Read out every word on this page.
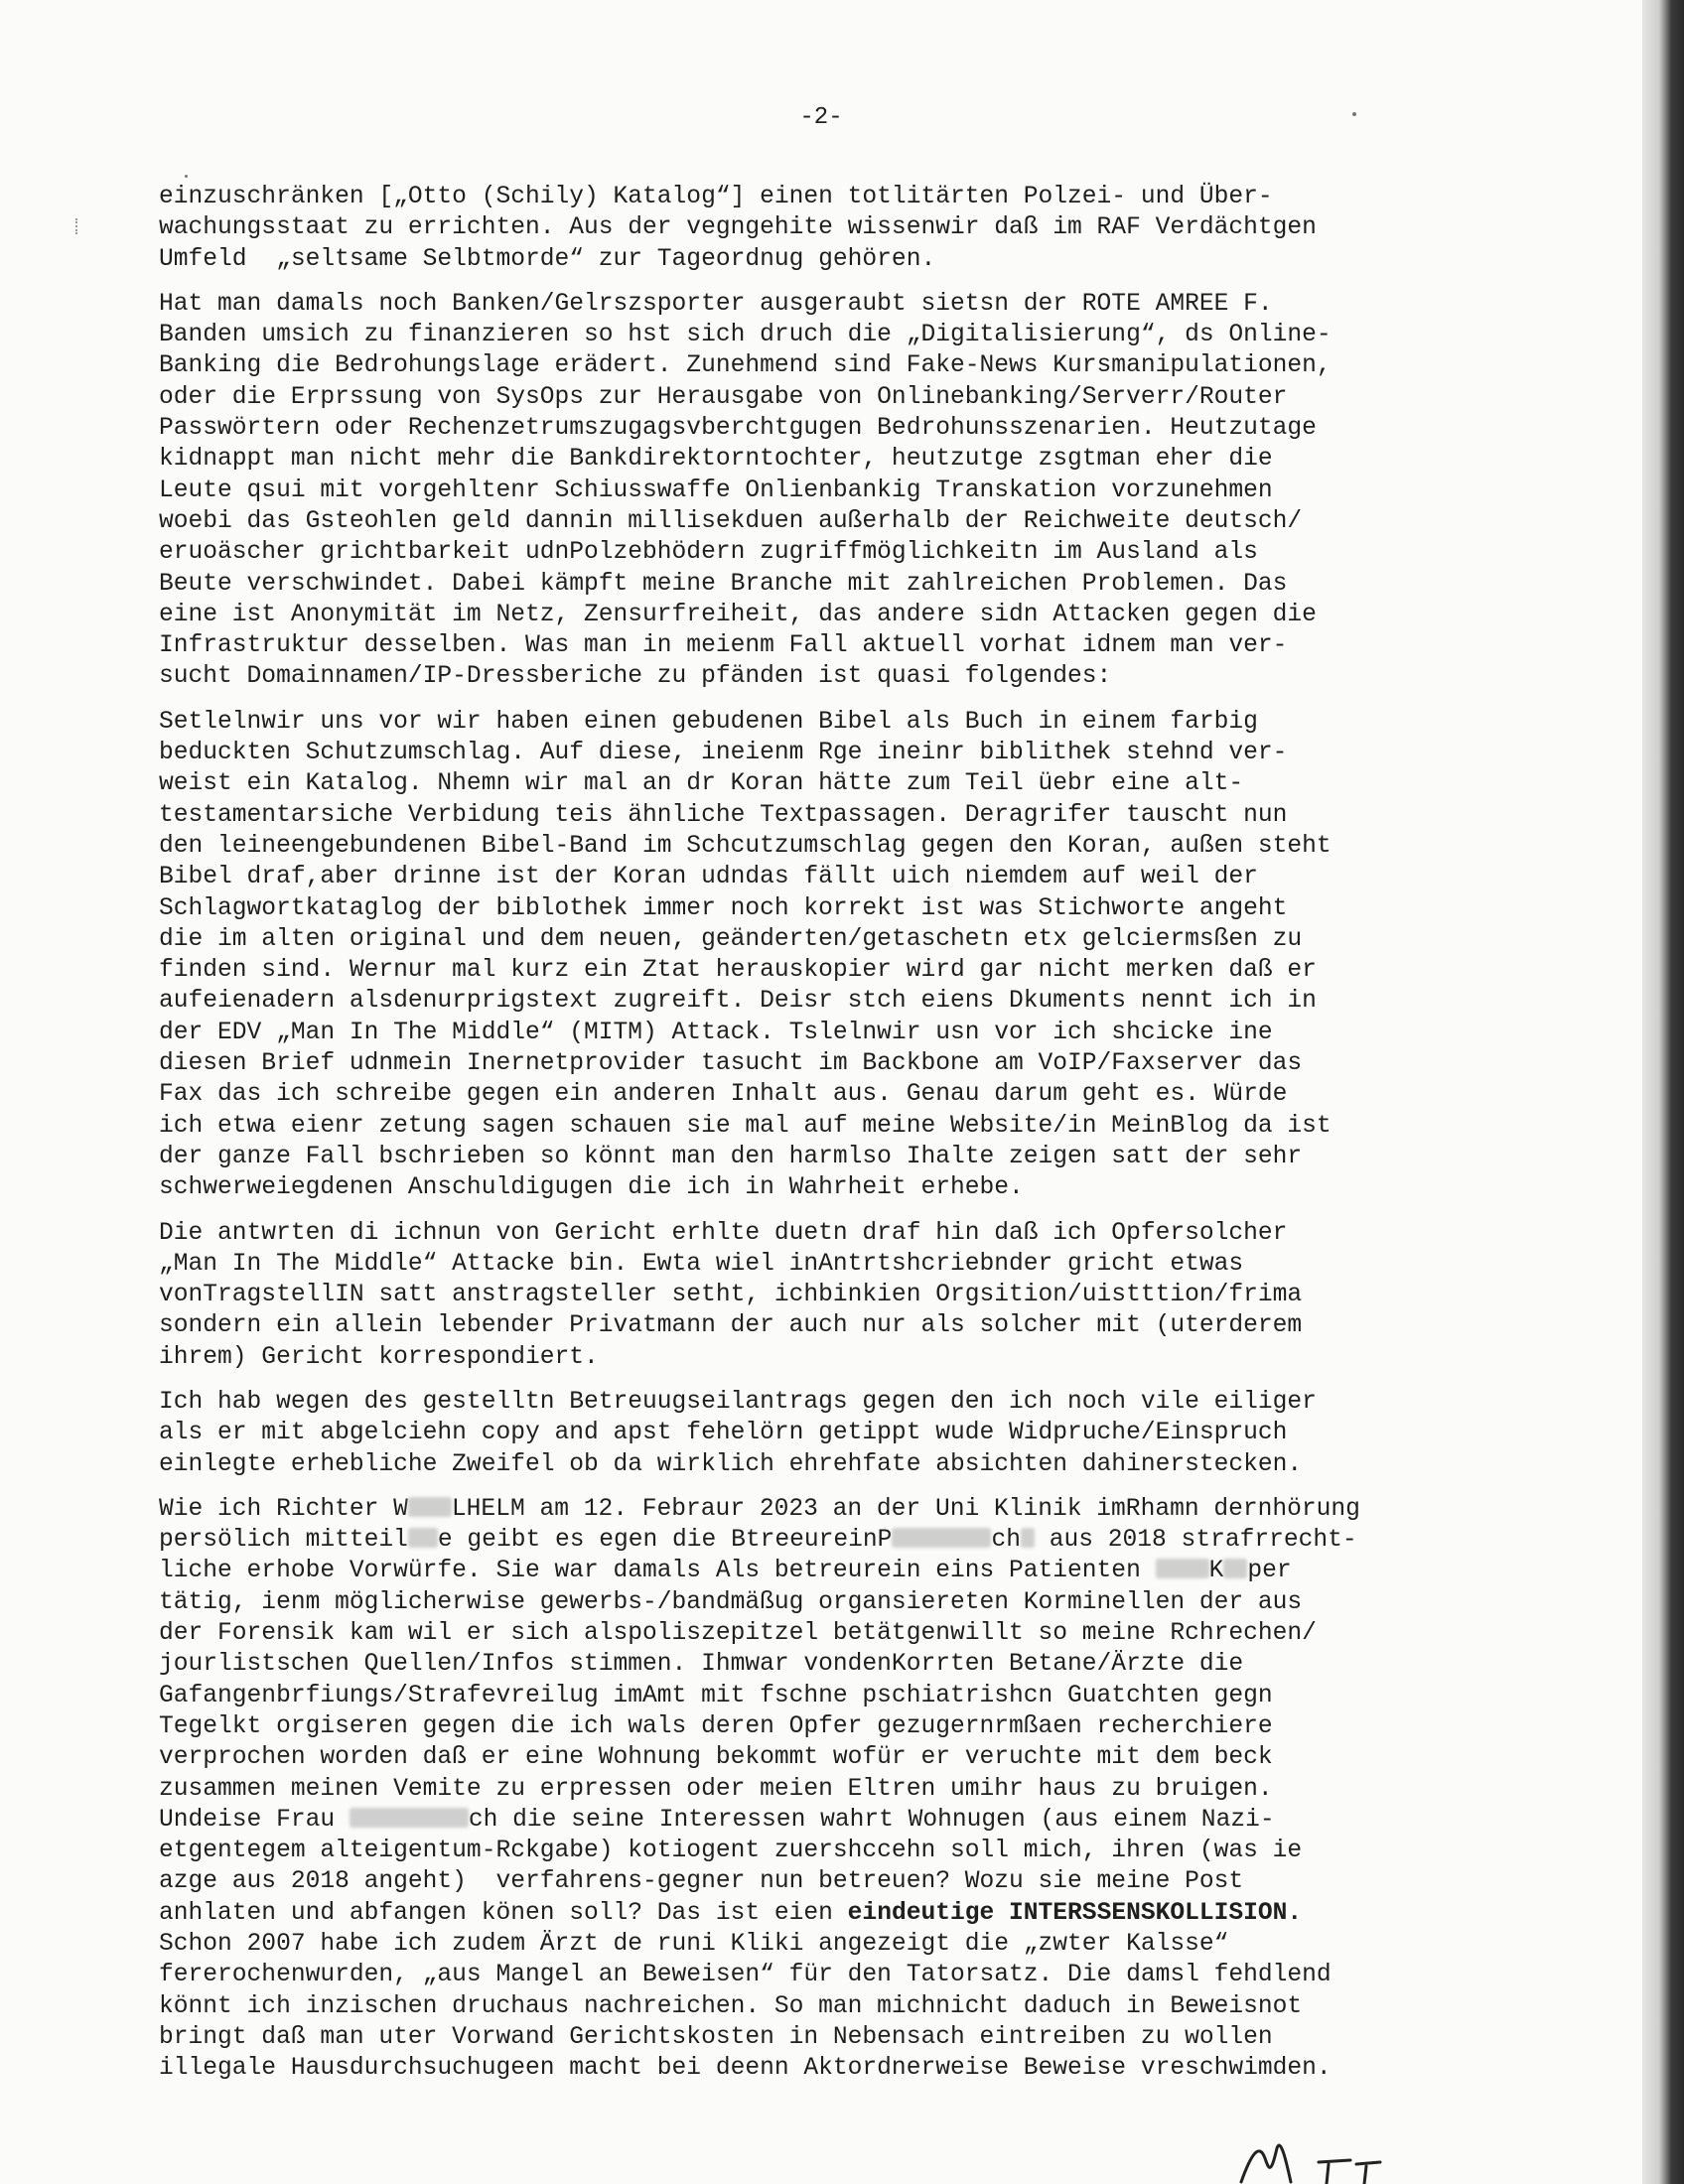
-2-
einzuschränken [„Otto (Schily) Katalog“] einen totlitärten Polzei- und Über-
wachungsstaat zu errichten. Aus der vegngehite wissenwir daß im RAF Verdächtgen
Umfeld  „seltsame Selbtmorde“ zur Tageordnug gehören.
Hat man damals noch Banken/Gelrszsporter ausgeraubt sietsn der ROTE AMREE F.
Banden umsich zu finanzieren so hst sich druch die „Digitalisierung“, ds Online-
Banking die Bedrohungslage erädert. Zunehmend sind Fake-News Kursmanipulationen,
oder die Erprssung von SysOps zur Herausgabe von Onlinebanking/Serverr/Router
Passwörtern oder Rechenzetrumszugagsvberchtgugen Bedrohunsszenarien. Heutzutage
kidnappt man nicht mehr die Bankdirektorntochter, heutzutge zsgtman eher die
Leute qsui mit vorgehltenr Schiusswaffe Onlienbankig Transkation vorzunehmen
woebi das Gsteohlen geld dannin millisekduen außerhalb der Reichweite deutsch/
eruoäscher grichtbarkeit udnPolzebhödern zugriffmöglichkeitn im Ausland als
Beute verschwindet. Dabei kämpft meine Branche mit zahlreichen Problemen. Das
eine ist Anonymität im Netz, Zensurfreiheit, das andere sidn Attacken gegen die
Infrastruktur desselben. Was man in meienm Fall aktuell vorhat idnem man ver-
sucht Domainnamen/IP-Dressberiche zu pfänden ist quasi folgendes:
Setlelnwir uns vor wir haben einen gebudenen Bibel als Buch in einem farbig
beduckten Schutzumschlag. Auf diese, ineienm Rge ineinr biblithek stehnd ver-
weist ein Katalog. Nhemn wir mal an dr Koran hätte zum Teil üebr eine alt-
testamentarsiche Verbidung teis ähnliche Textpassagen. Deragrifer tauscht nun
den leineengebundenen Bibel-Band im Schcutzumschlag gegen den Koran, außen steht
Bibel draf,aber drinne ist der Koran udndas fällt uich niemdem auf weil der
Schlagwortkataglog der biblothek immer noch korrekt ist was Stichworte angeht
die im alten original und dem neuen, geänderten/getaschetn etx gelciermsßen zu
finden sind. Wernur mal kurz ein Ztat herauskopier wird gar nicht merken daß er
aufeienadern alsdenurprigstext zugreift. Deisr stch eiens Dkuments nennt ich in
der EDV „Man In The Middle“ (MITM) Attack. Tslelnwir usn vor ich shcicke ine
diesen Brief udnmein Inernetprovider tasucht im Backbone am VoIP/Faxserver das
Fax das ich schreibe gegen ein anderen Inhalt aus. Genau darum geht es. Würde
ich etwa eienr zetung sagen schauen sie mal auf meine Website/in MeinBlog da ist
der ganze Fall bschrieben so könnt man den harmlso Ihalte zeigen satt der sehr
schwerweiegdenen Anschuldigugen die ich in Wahrheit erhebe.
Die antwrten di ichnun von Gericht erhlte duetn draf hin daß ich Opfersolcher
„Man In The Middle“ Attacke bin. Ewta wiel inAntrtshcriebnder gricht etwas
vonTragstellIN satt anstragsteller setht, ichbinkien Orgsition/uistttion/frima
sondern ein allein lebender Privatmann der auch nur als solcher mit (uterderem
ihrem) Gericht korrespondiert.
Ich hab wegen des gestelltn Betreuugseilantrags gegen den ich noch vile eiliger
als er mit abgelciehn copy and apst fehelörn getippt wude Widpruche/Einspruch
einlegte erhebliche Zweifel ob da wirklich ehrehfate absichten dahinerstecken.
Wie ich Richter W LHELM am 12. Febraur 2023 an der Uni Klinik imRhamn dernhörung
persölich mitteil e geibt es egen die BtreeureinP	ch aus 2018 strafrrecht-
liche erhobe Vorwürfe. Sie war damals Als betreurein eins Patienten K per
tätig, ienm möglicherwise gewerbs-/bandmäßug organsiereten Korminellen der aus
der Forensik kam wil er sich alspoliszepitzel betätgenwillt so meine Rchrechen/
jourlistschen Quellen/Infos stimmen. Ihmwar vondenKorrten Betane/Ärzte die
Gafangenbrfiungs/Strafevreilug imAmt mit fschne pschiatrishcn Guatchten gegn
Tegelkt orgiseren gegen die ich wals deren Opfer gezugernrmßaen recherchiere
verprochen worden daß er eine Wohnung bekommt wofür er veruchte mit dem beck
zusammen meinen Vemite zu erpressen oder meien Eltren umihr haus zu bruigen.
Undeise Frau	ch die seine Interessen wahrt Wohnugen (aus einem Nazi-
etgentegem alteigentum-Rckgabe) kotiogent zuershccehn soll mich, ihren (was ie
azge aus 2018 angeht)  verfahrens-gegner nun betreuen? Wozu sie meine Post
anhlaten und abfangen könen soll? Das ist eien eindeutige INTERSSENSKOLLISION.
Schon 2007 habe ich zudem Ärzt de runi Kliki angezeigt die „zwter Kalsse“
fererochenwurden, „aus Mangel an Beweisen“ für den Tatorsatz. Die damsl fehdlend
könnt ich inzischen druchaus nachreichen. So man michnicht daduch in Beweisnot
bringt daß man uter Vorwand Gerichtskosten in Nebensach eintreiben zu wollen
illegale Hausdurchsuchugeen macht bei deenn Aktordnerweise Beweise vreschwimden.
